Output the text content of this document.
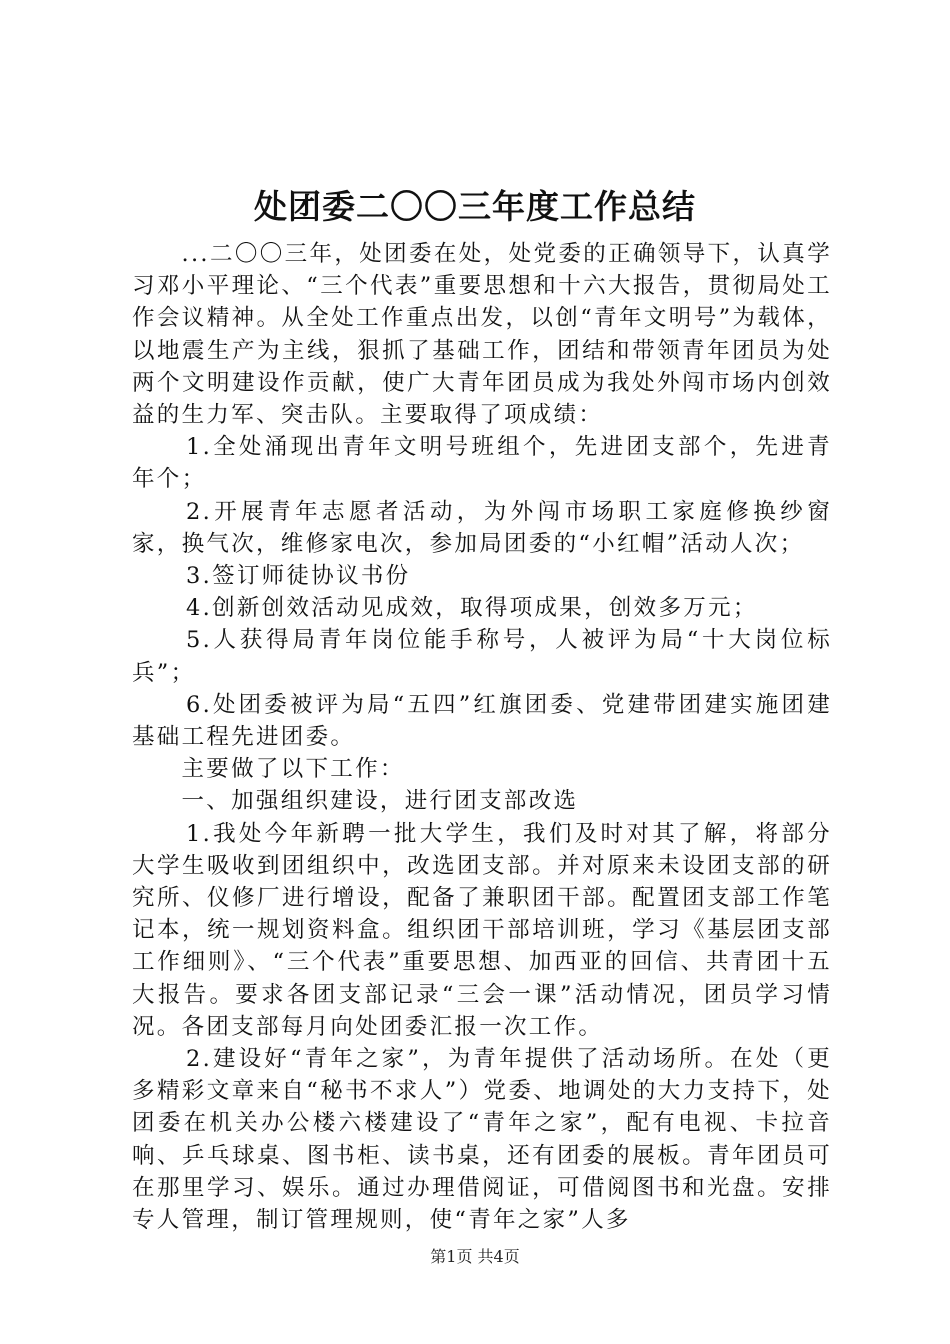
处团委二〇〇三年度工作总结

...二〇〇三年，处团委在处，处党委的正确领导下，认真学习邓小平理论、“三个代表”重要思想和十六大报告，贯彻局处工作会议精神。从全处工作重点出发，以创“青年文明号”为载体，以地震生产为主线，狠抓了基础工作，团结和带领青年团员为处两个文明建设作贡献，使广大青年团员成为我处外闯市场内创效益的生力军、突击队。主要取得了项成绩：

1.全处涌现出青年文明号班组个，先进团支部个，先进青年个；

2.开展青年志愿者活动，为外闯市场职工家庭修换纱窗家，换气次，维修家电次，参加局团委的“小红帽”活动人次；

3.签订师徒协议书份

4.创新创效活动见成效，取得项成果，创效多万元；

5.人获得局青年岗位能手称号，人被评为局“十大岗位标兵”；

6.处团委被评为局“五四”红旗团委、党建带团建实施团建基础工程先进团委。

主要做了以下工作：

一、加强组织建设，进行团支部改选

1.我处今年新聘一批大学生，我们及时对其了解，将部分大学生吸收到团组织中，改选团支部。并对原来未设团支部的研究所、仪修厂进行增设，配备了兼职团干部。配置团支部工作笔记本，统一规划资料盒。组织团干部培训班，学习《基层团支部工作细则》、“三个代表”重要思想、加西亚的回信、共青团十五大报告。要求各团支部记录“三会一课”活动情况，团员学习情况。各团支部每月向处团委汇报一次工作。

2.建设好“青年之家”，为青年提供了活动场所。在处（更多精彩文章来自“秘书不求人”）党委、地调处的大力支持下，处团委在机关办公楼六楼建设了“青年之家”，配有电视、卡拉音响、乒乓球桌、图书柜、读书桌，还有团委的展板。青年团员可在那里学习、娱乐。通过办理借阅证，可借阅图书和光盘。安排专人管理，制订管理规则，使“青年之家”人多

第1页 共4页
